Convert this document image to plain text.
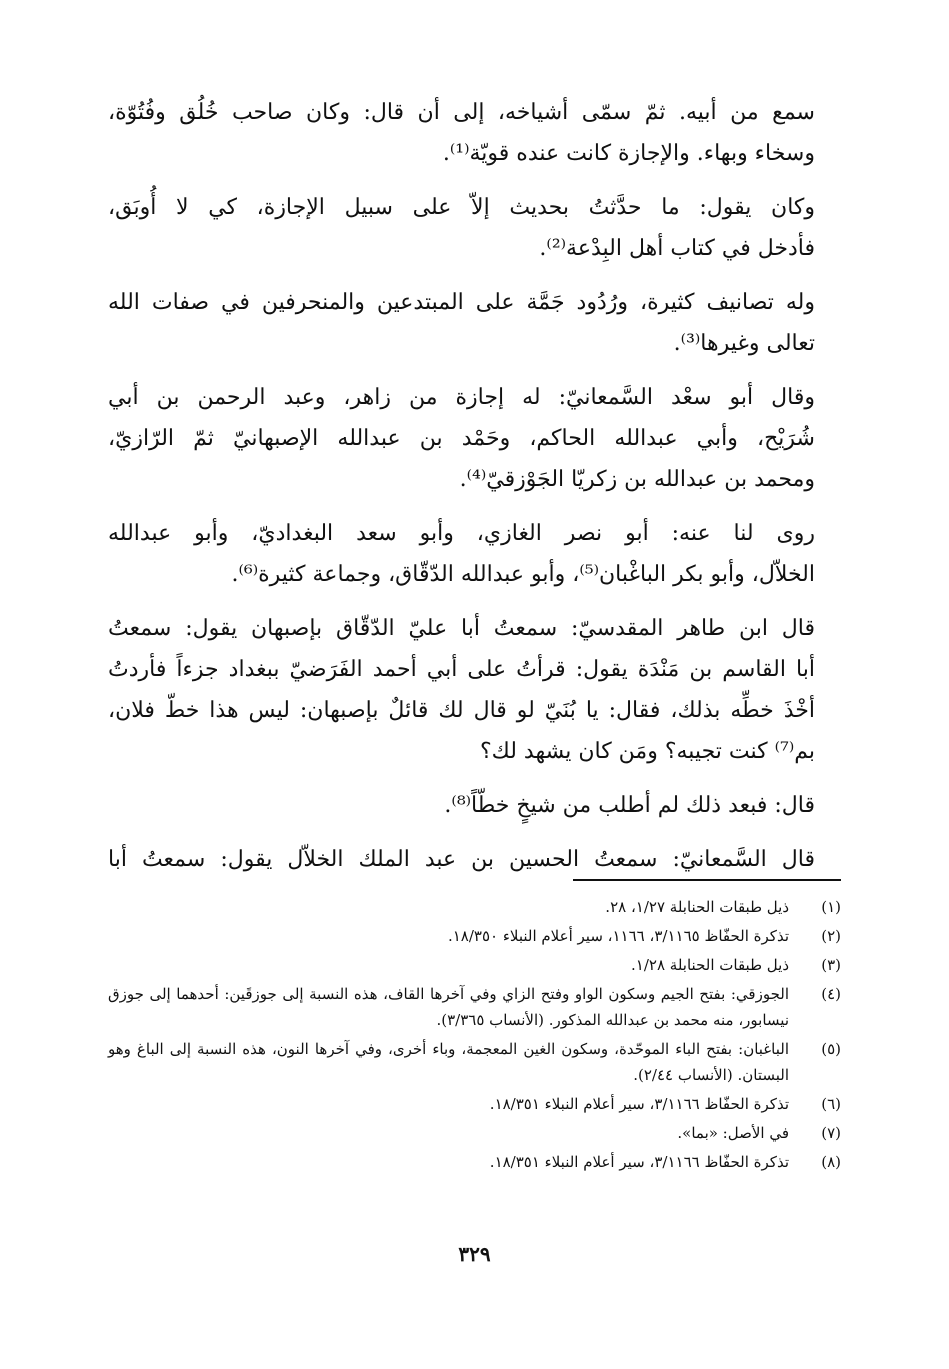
سمع من أبيه. ثمّ سمّى أشياخه، إلى أن قال: وكان صاحب خُلُق وفُتُوّة،
وسخاء وبهاء. والإجازة كانت عنده قويّة⁽¹⁾.

وكان يقول: ما حدَّثتُ بحديث إلاّ على سبيل الإجازة، كي لا أُوبَق،
فأدخل في كتاب أهل البِدْعة⁽²⁾.

وله تصانيف كثيرة، ورُدُود جَمَّة على المبتدعين والمنحرفين في صفات الله
تعالى وغيرها⁽³⁾.

وقال أبو سعْد السَّمعانيّ: له إجازة من زاهر، وعبد الرحمن بن أبي
شُرَيْح، وأبي عبدالله الحاكم، وحَمْد بن عبدالله الإصبهانيّ ثمّ الرّازيّ،
ومحمد بن عبدالله بن زكريّا الجَوْزقيّ⁽⁴⁾.

روى لنا عنه: أبو نصر الغازي، وأبو سعد البغداديّ، وأبو عبدالله
الخلاّل، وأبو بكر الباغْبان⁽⁵⁾، وأبو عبدالله الدّقّاق، وجماعة كثيرة⁽⁶⁾.

قال ابن طاهر المقدسيّ: سمعتُ أبا عليّ الدّقّاق بإصبهان يقول: سمعتُ
أبا القاسم بن مَنْدَة يقول: قرأتُ على أبي أحمد الفَرَضيّ ببغداد جزءاً فأردتُ
أخْذَ خطِّه بذلك، فقال: يا بُنَيّ لو قال لك قائلٌ بإصبهان: ليس هذا خطّ فلان،
بم⁽⁷⁾ كنت تجيبه؟ ومَن كان يشهد لك؟

قال: فبعد ذلك لم أطلب من شيخٍ خطّاً⁽⁸⁾.

قال السَّمعانيّ: سمعتُ الحسين بن عبد الملك الخلاّل يقول: سمعتُ أبا

(١)
ذيل طبقات الحنابلة ١/٢٧، ٢٨.
(٢)
تذكرة الحفّاظ ٣/١١٦٥، ١١٦٦، سير أعلام النبلاء ١٨/٣٥٠.
(٣)
ذيل طبقات الحنابلة ١/٢٨.
(٤)
الجوزقي: بفتح الجيم وسكون الواو وفتح الزاي وفي آخرها القاف، هذه النسبة إلى جوزقَين: أحدهما إلى جوزق نيسابور، منه محمد بن عبدالله المذكور. (الأنساب ٣/٣٦٥).
(٥)
الباغبان: بفتح الباء الموحّدة، وسكون الغين المعجمة، وباء أخرى، وفي آخرها النون، هذه النسبة إلى الباغ وهو البستان. (الأنساب ٢/٤٤).
(٦)
تذكرة الحفّاظ ٣/١١٦٦، سير أعلام النبلاء ١٨/٣٥١.
(٧)
في الأصل: «بما».
(٨)
تذكرة الحفّاظ ٣/١١٦٦، سير أعلام النبلاء ١٨/٣٥١.
٣٢٩
